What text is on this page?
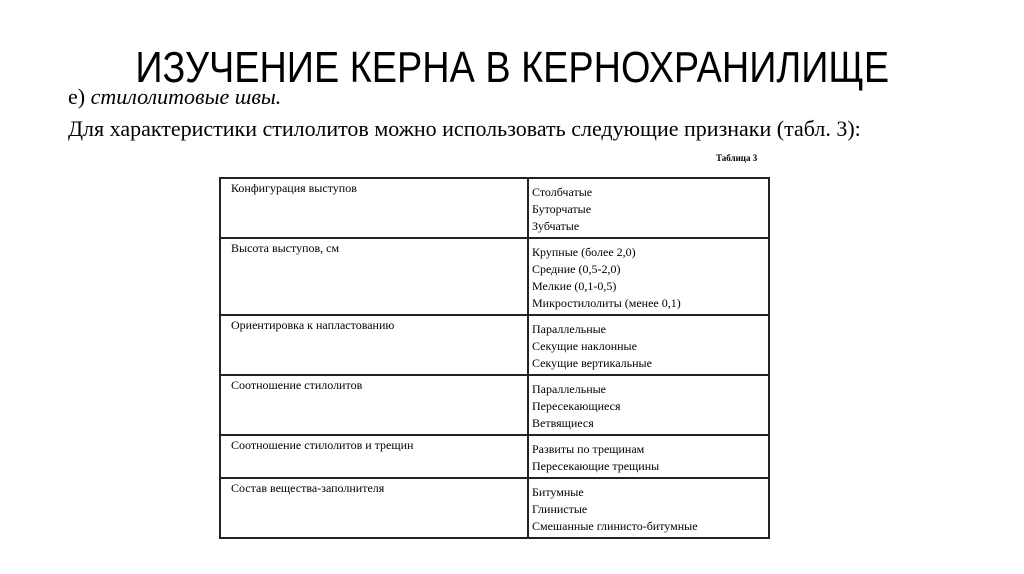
ИЗУЧЕНИЕ КЕРНА В КЕРНОХРАНИЛИЩЕ
е) стилолитовые швы.
Для характеристики стилолитов можно использовать следующие признаки (табл. 3):
Таблица 3
Конфигурация выступов	Столбчатые
Буторчатые
Зубчатые

Высота выступов, см	Крупные (более 2,0)
Средние (0,5-2,0)
Мелкие (0,1-0,5)
Микростилолиты (менее 0,1)

Ориентировка к напластованию	Параллельные
Секущие наклонные
Секущие вертикальные

Соотношение стилолитов	Параллельные
Пересекающиеся
Ветвящиеся

Соотношение стилолитов и трещин	Развиты по трещинам
Пересекающие трещины

Состав вещества-заполнителя	Битумные
Глинистые
Смешанные глинисто-битумные
